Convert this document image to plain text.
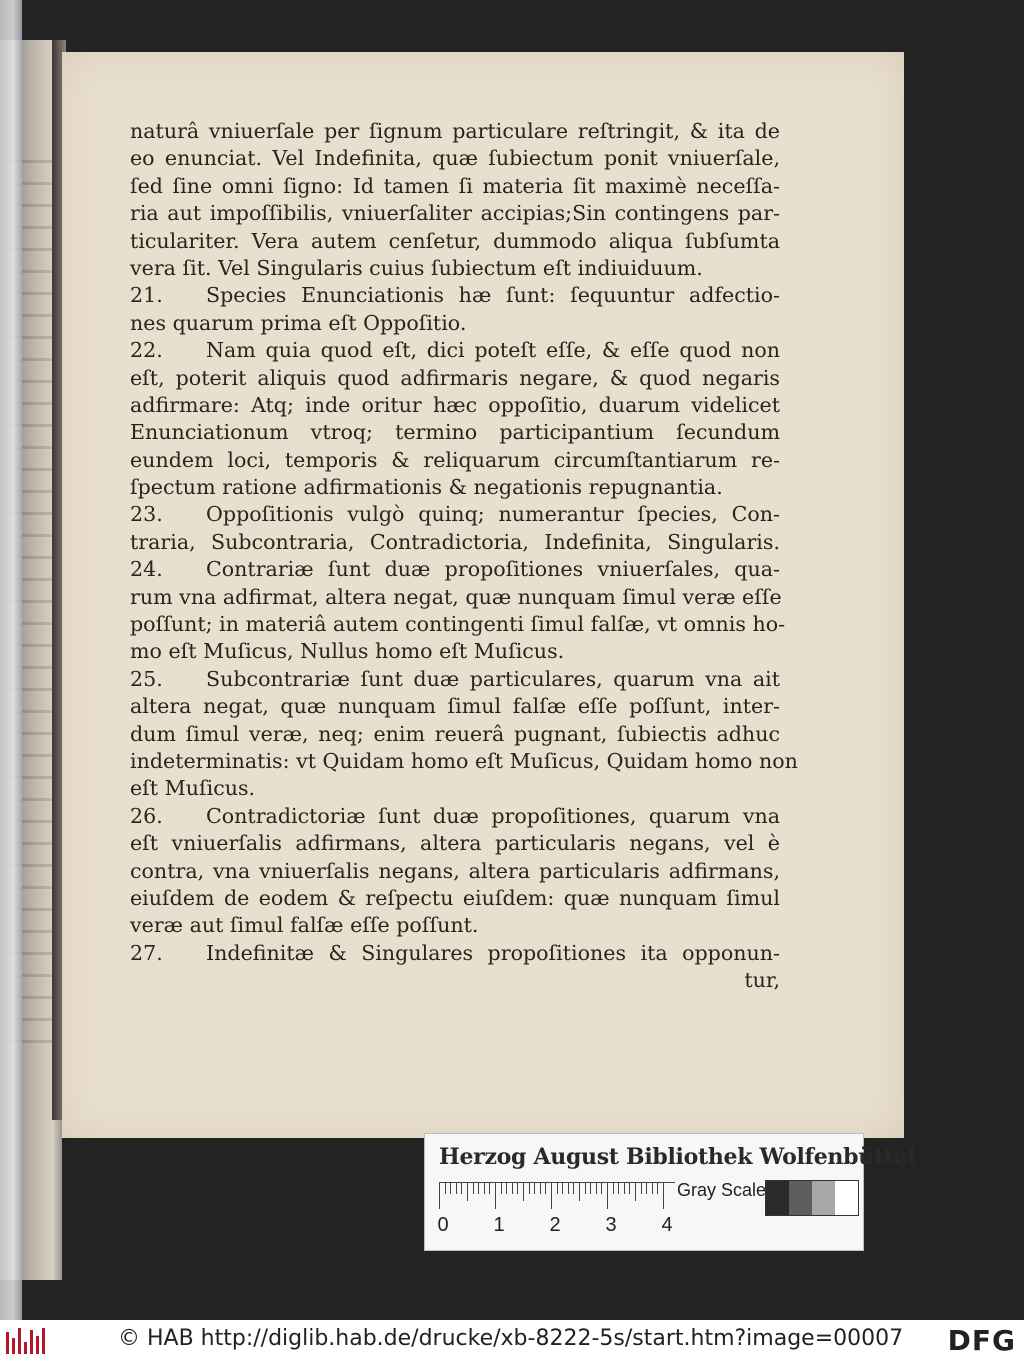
naturâ vniuerſale per ſignum particulare reſtringit, & ita de
eo enunciat. Vel Indefinita, quæ ſubiectum ponit vniuerſale,
ſed ſine omni ſigno: Id tamen ſi materia ſit maximè neceſſa-
ria aut impoſſibilis, vniuerſaliter accipias;Sin contingens par-
ticulariter. Vera autem cenſetur, dummodo aliqua ſubſumta
vera ſit. Vel Singularis cuius ſubiectum eſt indiuiduum.
21. Species Enunciationis hæ ſunt: ſequuntur adfectio-
nes quarum prima eſt Oppoſitio.
22. Nam quia quod eſt, dici poteſt eſſe, & eſſe quod non
eſt, poterit aliquis quod adfirmaris negare, & quod negaris
adfirmare: Atq; inde oritur hæc oppoſitio, duarum videlicet
Enunciationum vtroq; termino participantium ſecundum
eundem loci, temporis & reliquarum circumſtantiarum re-
ſpectum ratione adfirmationis & negationis repugnantia.
23. Oppoſitionis vulgò quinq; numerantur ſpecies, Con-
traria, Subcontraria, Contradictoria, Indefinita, Singularis.
24. Contrariæ ſunt duæ propoſitiones vniuerſales, qua-
rum vna adfirmat, altera negat, quæ nunquam ſimul veræ eſſe
poſſunt; in materiâ autem contingenti ſimul falſæ, vt omnis ho-
mo eſt Muſicus, Nullus homo eſt Muſicus.
25. Subcontrariæ ſunt duæ particulares, quarum vna ait
altera negat, quæ nunquam ſimul falſæ eſſe poſſunt, inter-
dum ſimul veræ, neq; enim reuerâ pugnant, ſubiectis adhuc
indeterminatis: vt Quidam homo eſt Muſicus, Quidam homo non
eſt Muſicus.
26. Contradictoriæ ſunt duæ propoſitiones, quarum vna
eſt vniuerſalis adfirmans, altera particularis negans, vel è
contra, vna vniuerſalis negans, altera particularis adfirmans,
eiuſdem de eodem & reſpectu eiuſdem: quæ nunquam ſimul
veræ aut ſimul falſæ eſſe poſſunt.
27. Indefinitæ & Singulares propoſitiones ita opponun-
tur,
Herzog August Bibliothek Wolfenbüttel
0 1 2 3 4
Gray Scale
© HAB http://diglib.hab.de/drucke/xb-8222-5s/start.htm?image=00007 DFG
